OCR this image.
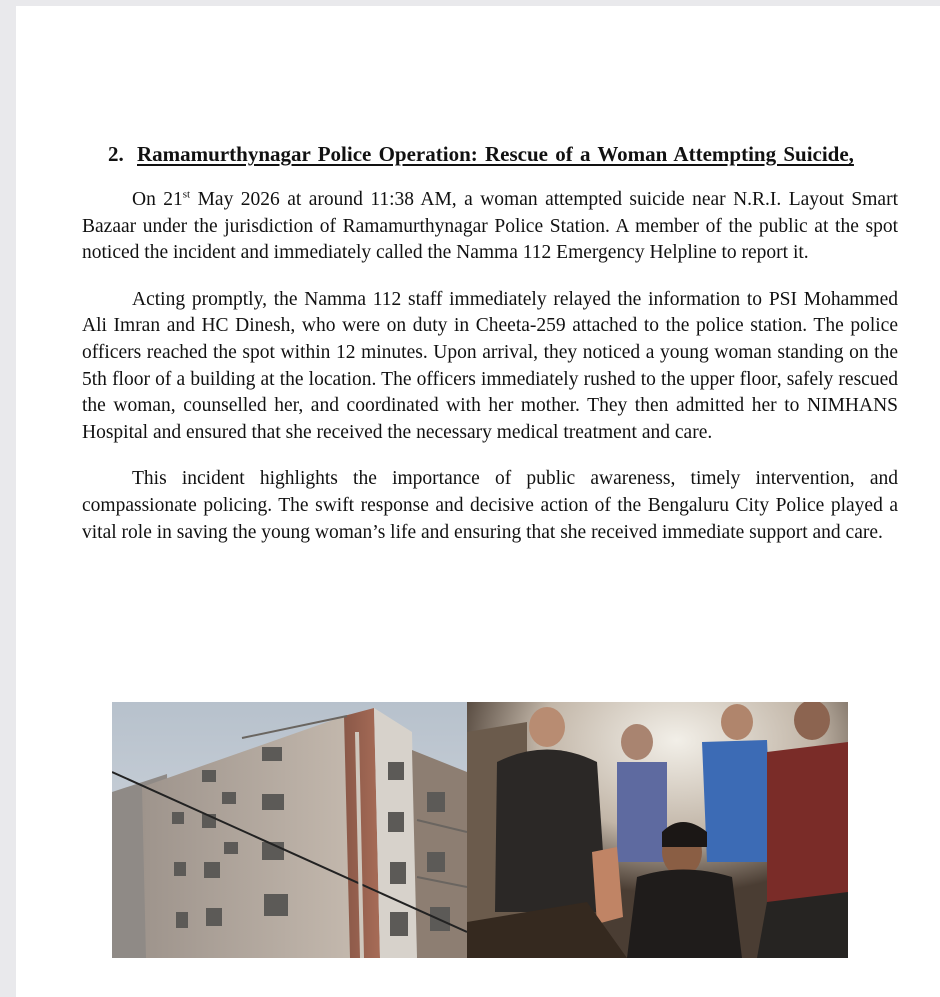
2. Ramamurthynagar Police Operation: Rescue of a Woman Attempting Suicide,

On 21st May 2026 at around 11:38 AM, a woman attempted suicide near N.R.I. Layout Smart Bazaar under the jurisdiction of Ramamurthynagar Police Station. A member of the public at the spot noticed the incident and immediately called the Namma 112 Emergency Helpline to report it.

Acting promptly, the Namma 112 staff immediately relayed the information to PSI Mohammed Ali Imran and HC Dinesh, who were on duty in Cheeta-259 attached to the police station. The police officers reached the spot within 12 minutes. Upon arrival, they noticed a young woman standing on the 5th floor of a building at the location. The officers immediately rushed to the upper floor, safely rescued the woman, counselled her, and coordinated with her mother. They then admitted her to NIMHANS Hospital and ensured that she received the necessary medical treatment and care.

This incident highlights the importance of public awareness, timely intervention, and compassionate policing. The swift response and decisive action of the Bengaluru City Police played a vital role in saving the young woman’s life and ensuring that she received immediate support and care.
